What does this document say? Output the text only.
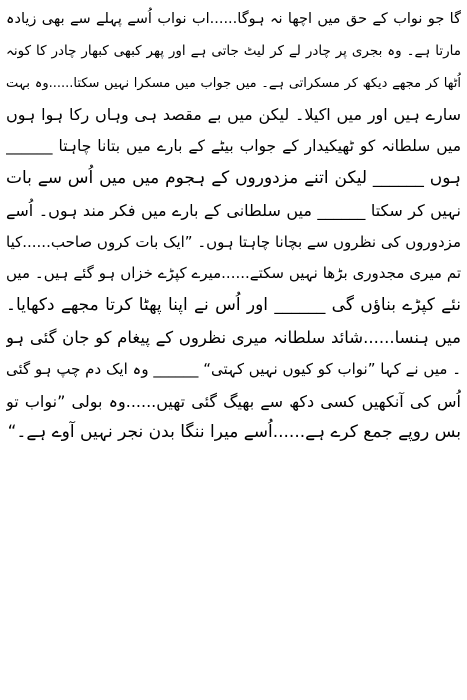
گا جو نواب کے حق میں اچھا نہ ہوگا......اب نواب اُسے پہلے سے بھی زیادہ
مارتا ہے۔ وہ بجری پر چادر لے کر لیٹ جاتی ہے اور پھر کبھی کبھار چادر کا کونہ
اُٹھا کر مجھے دیکھ کر مسکراتی ہے۔ میں جواب میں مسکرا نہیں سکتا......وہ بہت
سارے ہیں اور میں اکیلا۔ لیکن میں بے مقصد ہی وہاں رکا ہوا ہوں
میں سلطانہ کو ٹھیکیدار کے جواب بیٹے کے بارے میں بتانا چاہتا ______
ہوں ______ لیکن اتنے مزدوروں کے ہجوم میں میں اُس سے بات
نہیں کر سکتا ______ میں سلطانی کے بارے میں فکر مند ہوں۔ اُسے
مزدوروں کی نظروں سے بچانا چاہتا ہوں۔ ”ایک بات کروں صاحب......کیا
تم میری مجدوری بڑھا نہیں سکتے......میرے کپڑے خزاں ہو گئے ہیں۔ میں
نئے کپڑے بناؤں گی ______ اور اُس نے اپنا پھٹا کرتا مجھے دکھایا۔
میں ہنسا......شائد سلطانہ میری نظروں کے پیغام کو جان گئی ہو
۔ میں نے کہا ”نواب کو کیوں نہیں کہتی“ ______ وہ ایک دم چپ ہو گئی
اُس کی آنکھیں کسی دکھ سے بھیگ گئی تھیں......وہ بولی ”نواب تو
بس روپے جمع کرے ہے......اُسے میرا ننگا بدن نجر نہیں آوے ہے۔“
